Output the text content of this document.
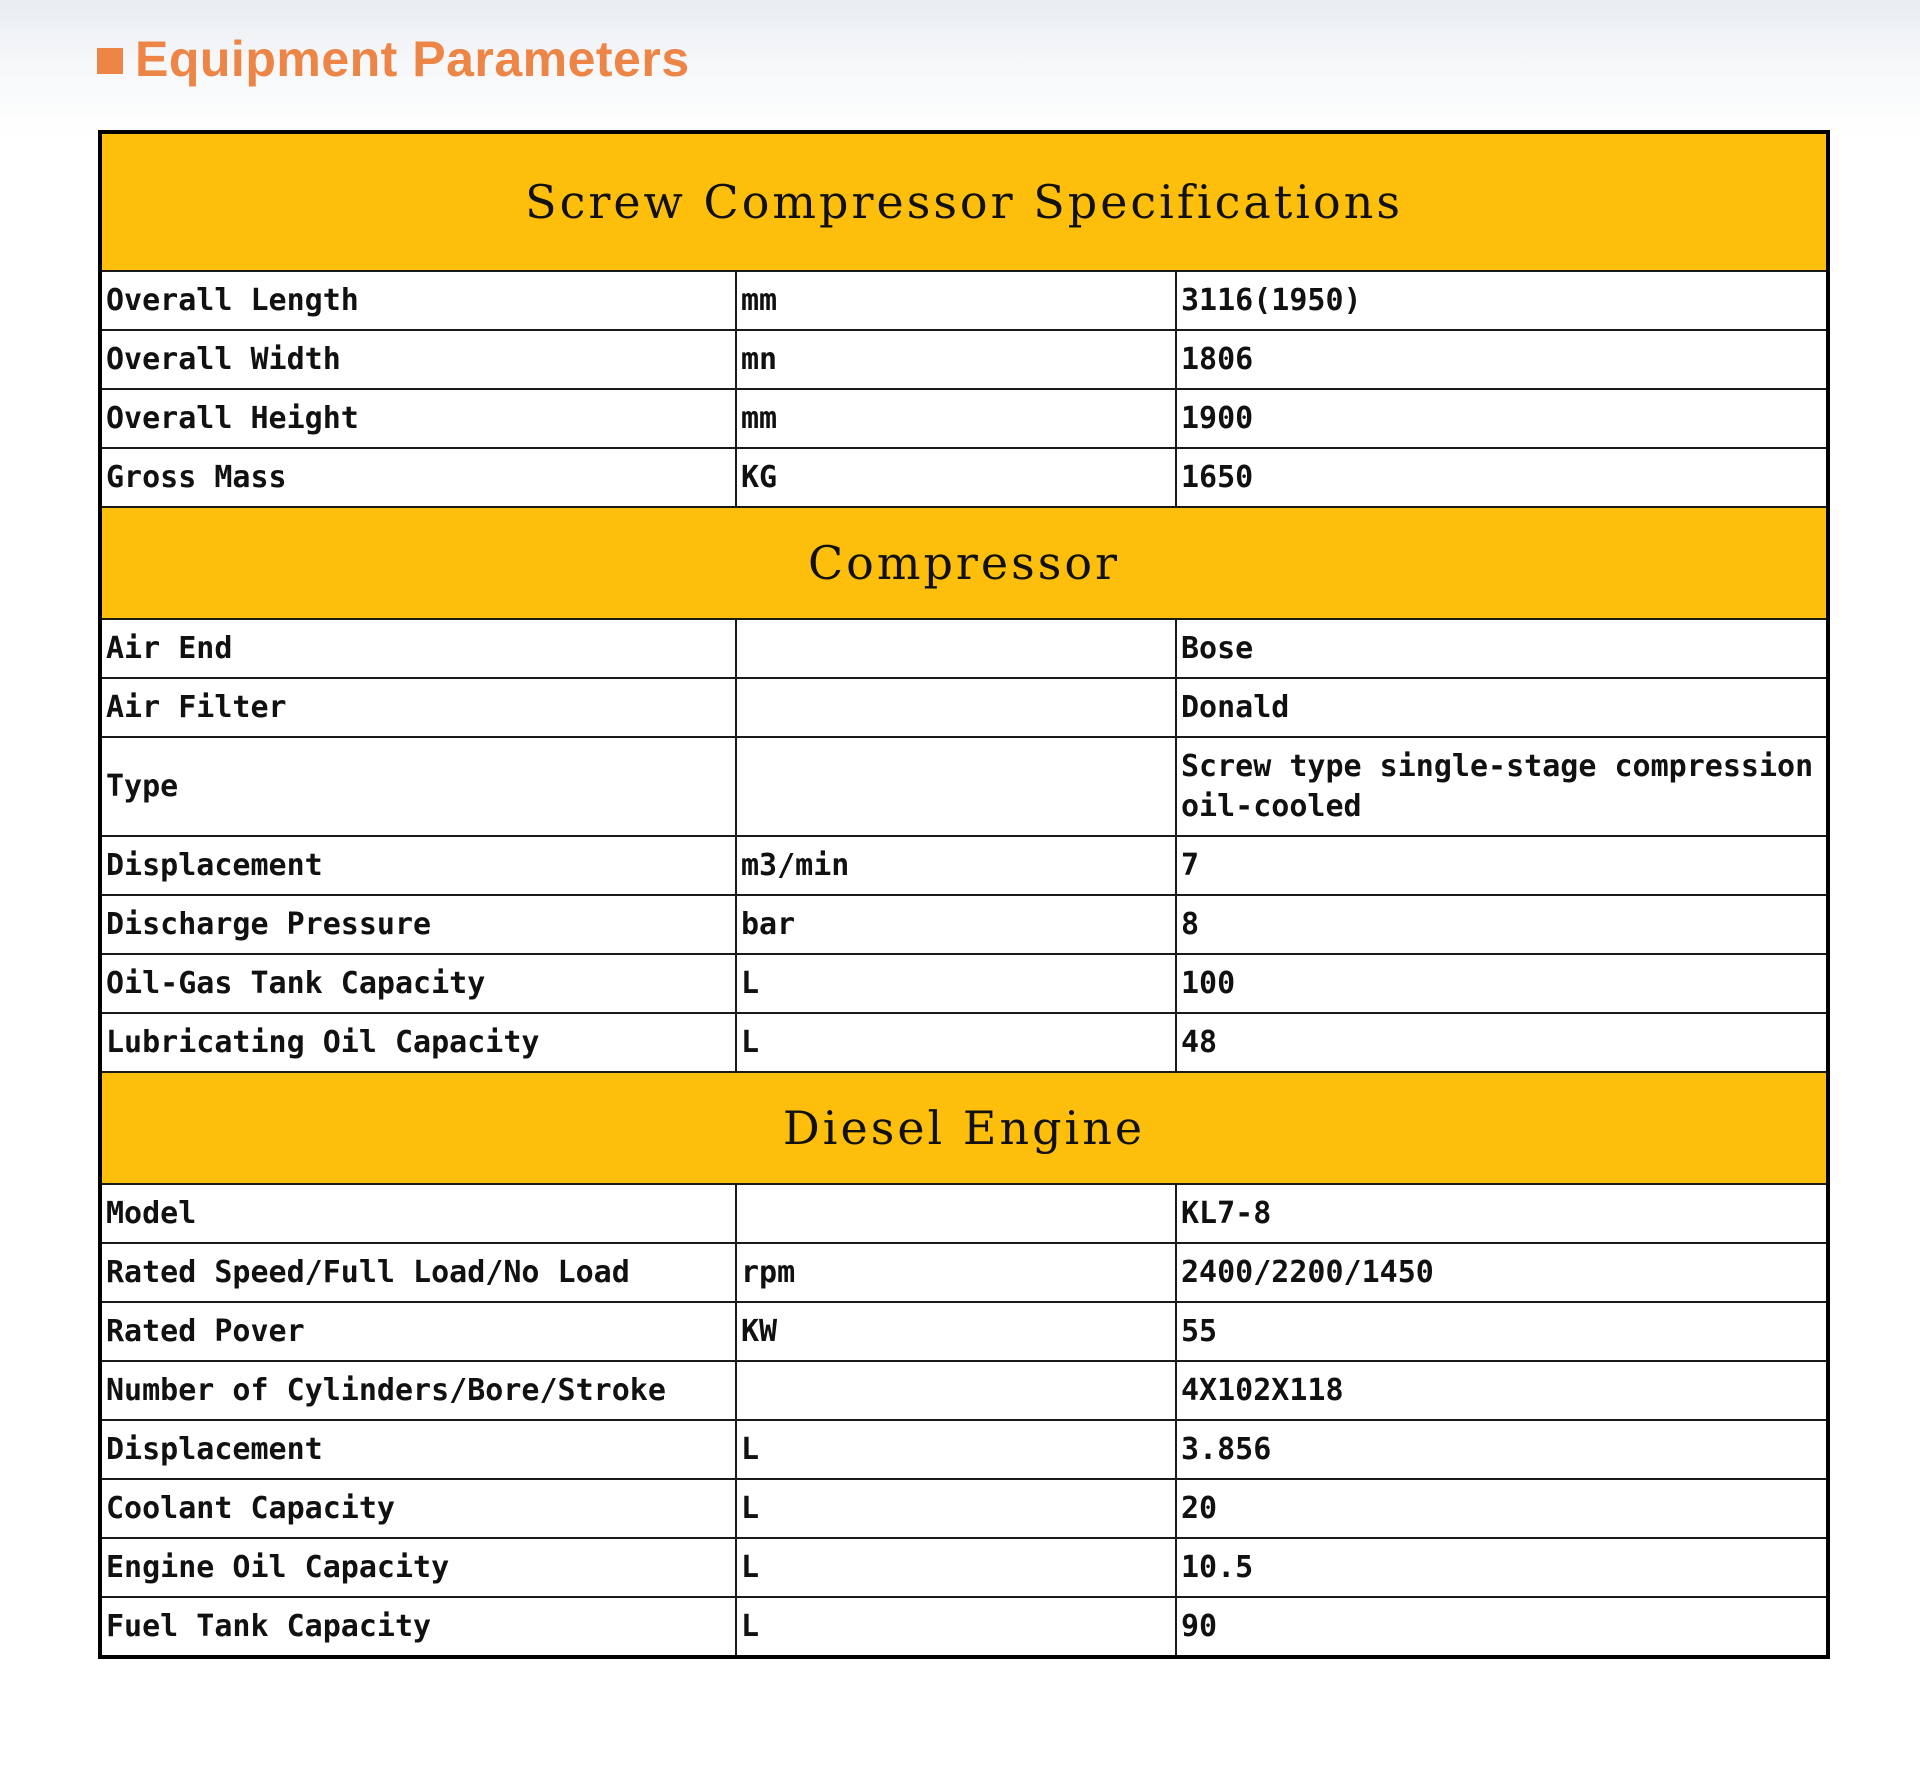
Equipment Parameters
Screw Compressor Specifications		
Overall Length	mm	3116(1950)
Overall Width	mn	1806
Overall Height	mm	1900
Gross Mass	KG	1650
Compressor		
Air End		Bose
Air Filter		Donald
Type		Screw type single-stage compression oil-cooled
Displacement	m3/min	7
Discharge Pressure	bar	8
Oil-Gas Tank Capacity	L	100
Lubricating Oil Capacity	L	48
Diesel Engine		
Model		KL7-8
Rated Speed/Full Load/No Load	rpm	2400/2200/1450
Rated Pover	KW	55
Number of Cylinders/Bore/Stroke		4X102X118
Displacement	L	3.856
Coolant Capacity	L	20
Engine Oil Capacity	L	10.5
Fuel Tank Capacity	L	90
